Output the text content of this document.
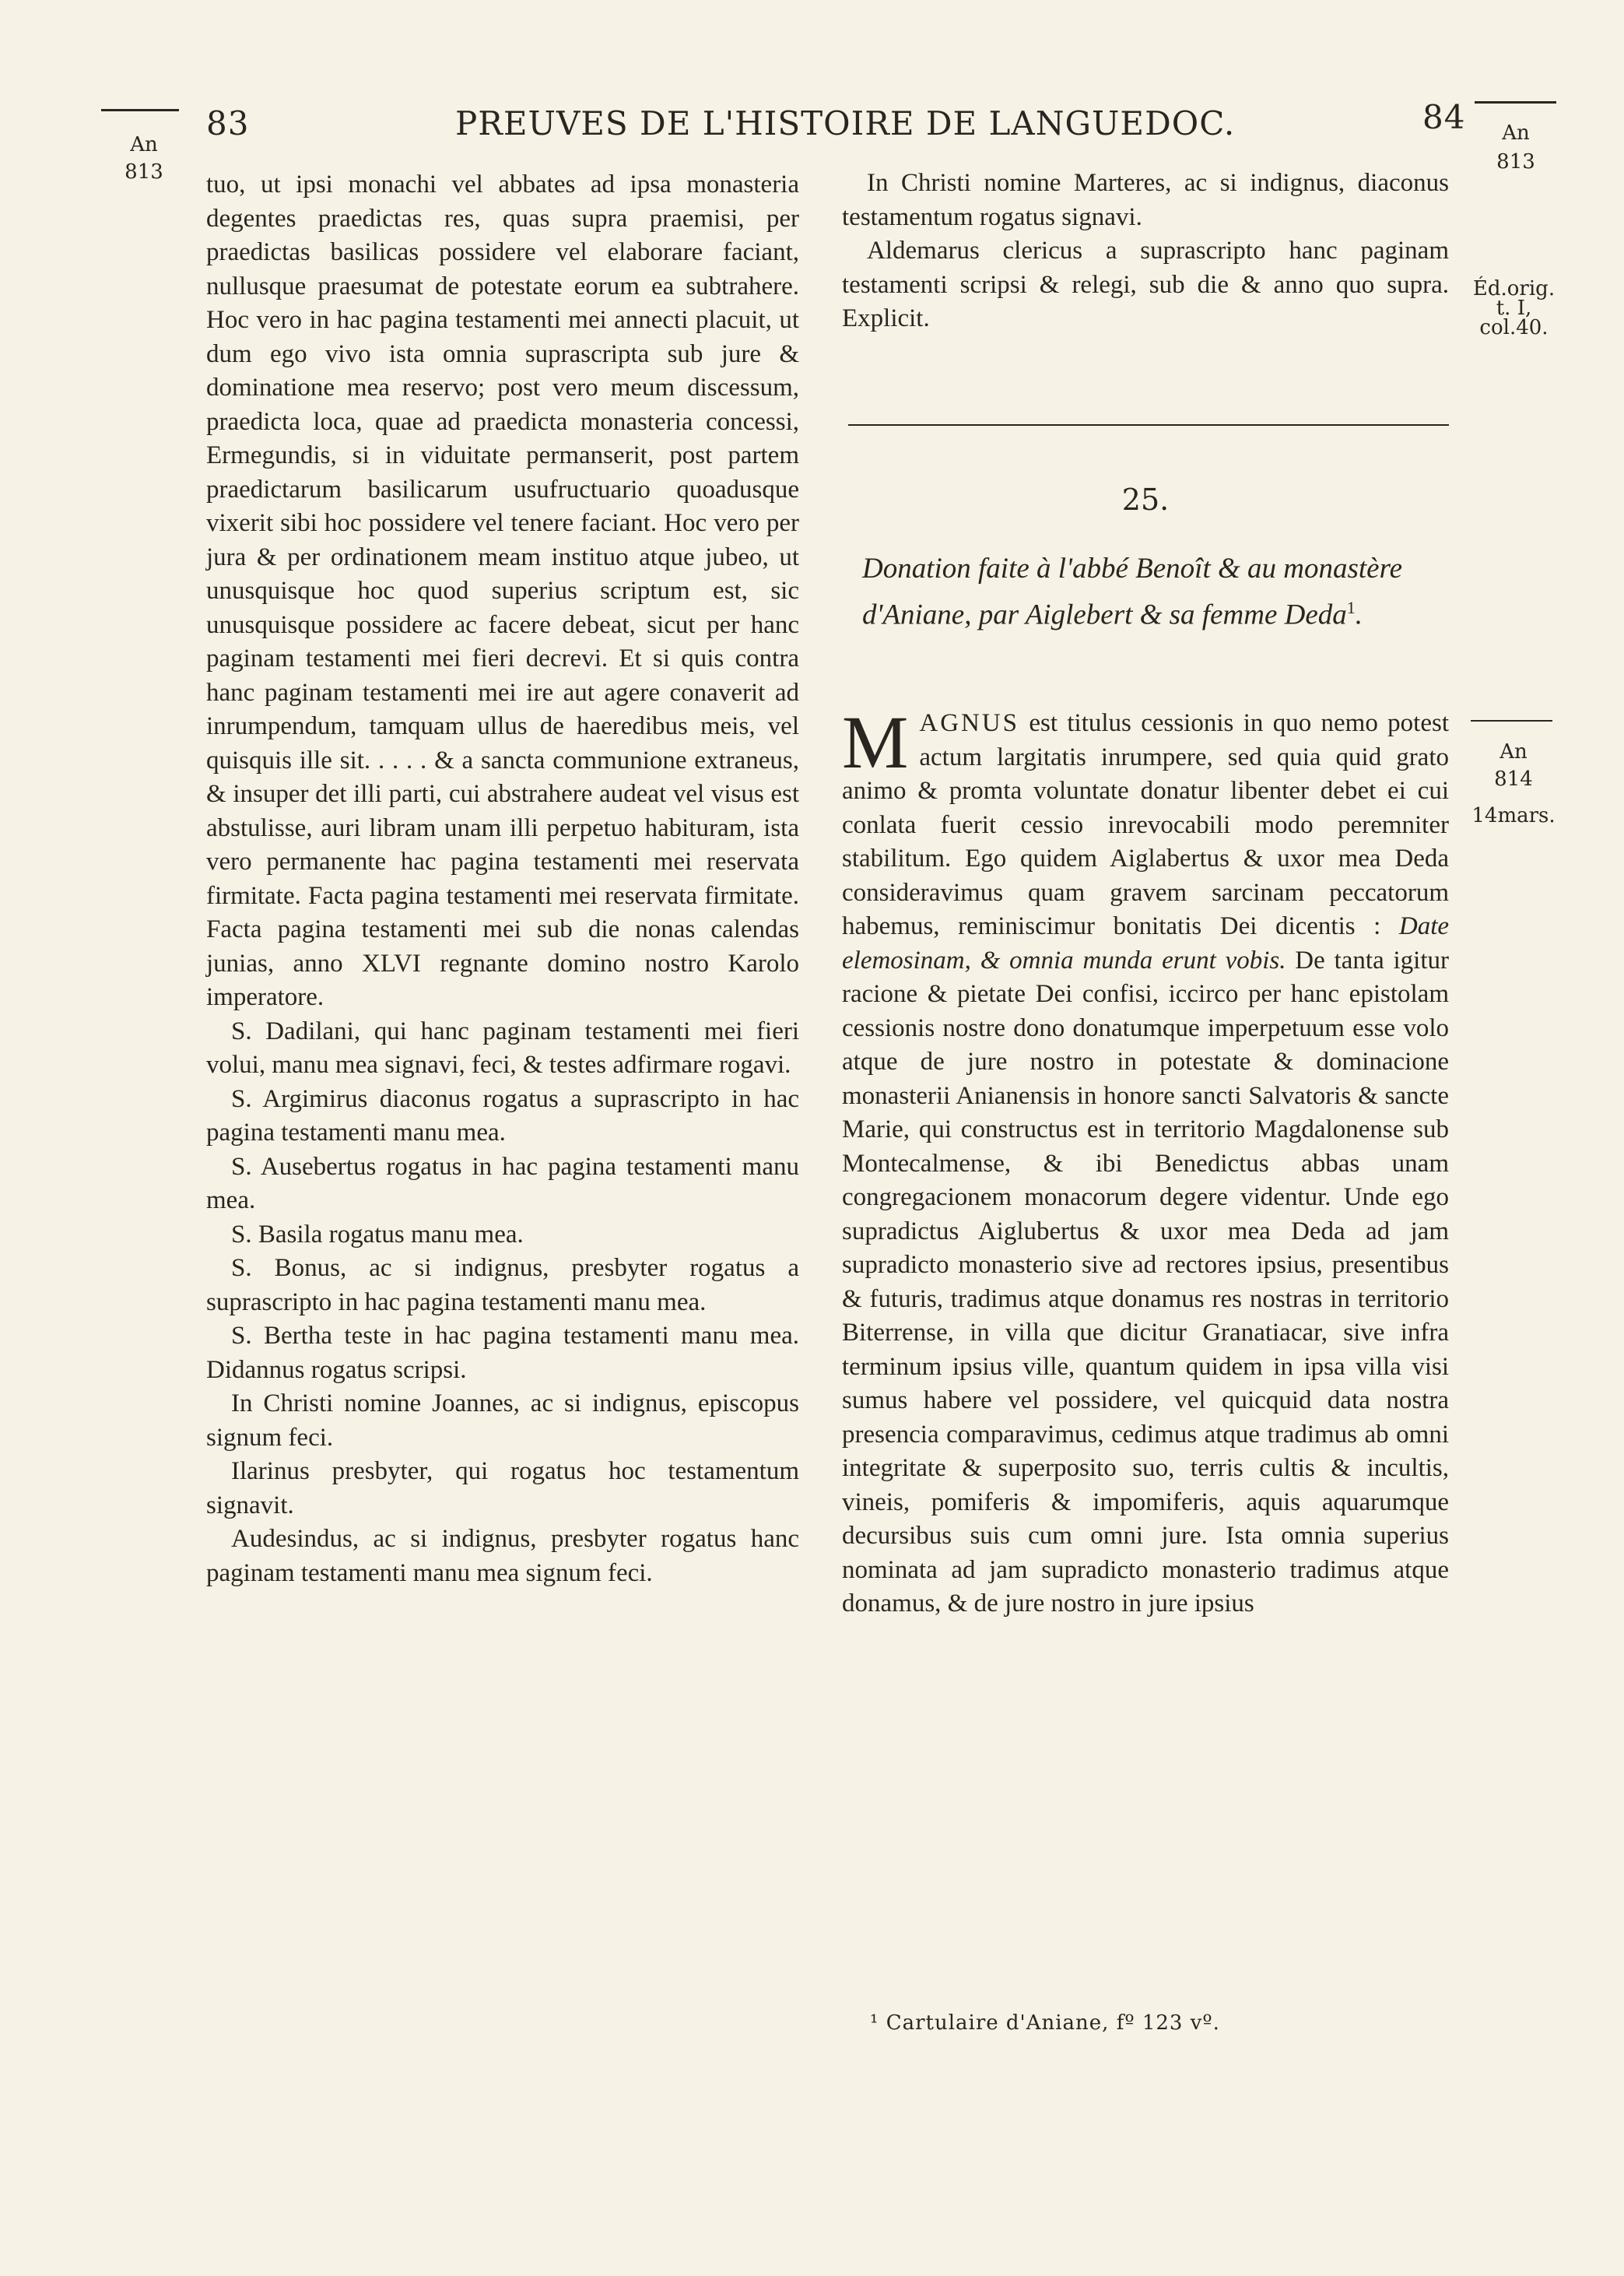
83	PREUVES DE L'HISTOIRE DE LANGUEDOC.	84
An
813
An
813
Éd.orig.
t. I,
col.40.
An
814
14mars.

tuo, ut ipsi monachi vel abbates ad ipsa monasteria degentes praedictas res, quas supra praemisi, per praedictas basilicas possidere vel elaborare faciant, nullusque praesumat de potestate eorum ea subtrahere. Hoc vero in hac pagina testamenti mei annecti placuit, ut dum ego vivo ista omnia suprascripta sub jure & dominatione mea reservo; post vero meum discessum, praedicta loca, quae ad praedicta monasteria concessi, Ermegundis, si in viduitate permanserit, post partem praedictarum basilicarum usufructuario quoadusque vixerit sibi hoc possidere vel tenere faciant. Hoc vero per jura & per ordinationem meam instituo atque jubeo, ut unusquisque hoc quod superius scriptum est, sic unusquisque possidere ac facere debeat, sicut per hanc paginam testamenti mei fieri decrevi. Et si quis contra hanc paginam testamenti mei ire aut agere conaverit ad inrumpendum, tamquam ullus de haeredibus meis, vel quisquis ille sit. . . . . & a sancta communione extraneus, & insuper det illi parti, cui abstrahere audeat vel visus est abstulisse, auri libram unam illi perpetuo habituram, ista vero permanente hac pagina testamenti mei reservata firmitate. Facta pagina testamenti mei reservata firmitate. Facta pagina testamenti mei sub die nonas calendas junias, anno XLVI regnante domino nostro Karolo imperatore.

S. Dadilani, qui hanc paginam testamenti mei fieri volui, manu mea signavi, feci, & testes adfirmare rogavi.

S. Argimirus diaconus rogatus a suprascripto in hac pagina testamenti manu mea.

S. Ausebertus rogatus in hac pagina testamenti manu mea.

S. Basila rogatus manu mea.

S. Bonus, ac si indignus, presbyter rogatus a suprascripto in hac pagina testamenti manu mea.

S. Bertha teste in hac pagina testamenti manu mea. Didannus rogatus scripsi.

In Christi nomine Joannes, ac si indignus, episcopus signum feci.

Ilarinus presbyter, qui rogatus hoc testamentum signavit.

Audesindus, ac si indignus, presbyter rogatus hanc paginam testamenti manu mea signum feci.

In Christi nomine Marteres, ac si indignus, diaconus testamentum rogatus signavi.

Aldemarus clericus a suprascripto hanc paginam testamenti scripsi & relegi, sub die & anno quo supra. Explicit.

25.
Donation faite à l'abbé Benoît & au monastère d'Aniane, par Aiglebert & sa femme Deda$^1$.

MAGNUS est titulus cessionis in quo nemo potest actum largitatis inrumpere, sed quia quid grato animo & promta voluntate donatur libenter debet ei cui conlata fuerit cessio inrevocabili modo peremniter stabilitum. Ego quidem Aiglabertus & uxor mea Deda consideravimus quam gravem sarcinam peccatorum habemus, reminiscimur bonitatis Dei dicentis : Date elemosinam, & omnia munda erunt vobis. De tanta igitur racione & pietate Dei confisi, iccirco per hanc epistolam cessionis nostre dono donatumque imperpetuum esse volo atque de jure nostro in potestate & dominacione monasterii Anianensis in honore sancti Salvatoris & sancte Marie, qui constructus est in territorio Magdalonense sub Montecalmense, & ibi Benedictus abbas unam congregacionem monacorum degere videntur. Unde ego supradictus Aiglubertus & uxor mea Deda ad jam supradicto monasterio sive ad rectores ipsius, presentibus & futuris, tradimus atque donamus res nostras in territorio Biterrense, in villa que dicitur Granatiacar, sive infra terminum ipsius ville, quantum quidem in ipsa villa visi sumus habere vel possidere, vel quicquid data nostra presencia comparavimus, cedimus atque tradimus ab omni integritate & superposito suo, terris cultis & incultis, vineis, pomiferis & impomiferis, aquis aquarumque decursibus suis cum omni jure. Ista omnia superius nominata ad jam supradicto monasterio tradimus atque donamus, & de jure nostro in jure ipsius

¹ Cartulaire d'Aniane, fº 123 vº.
